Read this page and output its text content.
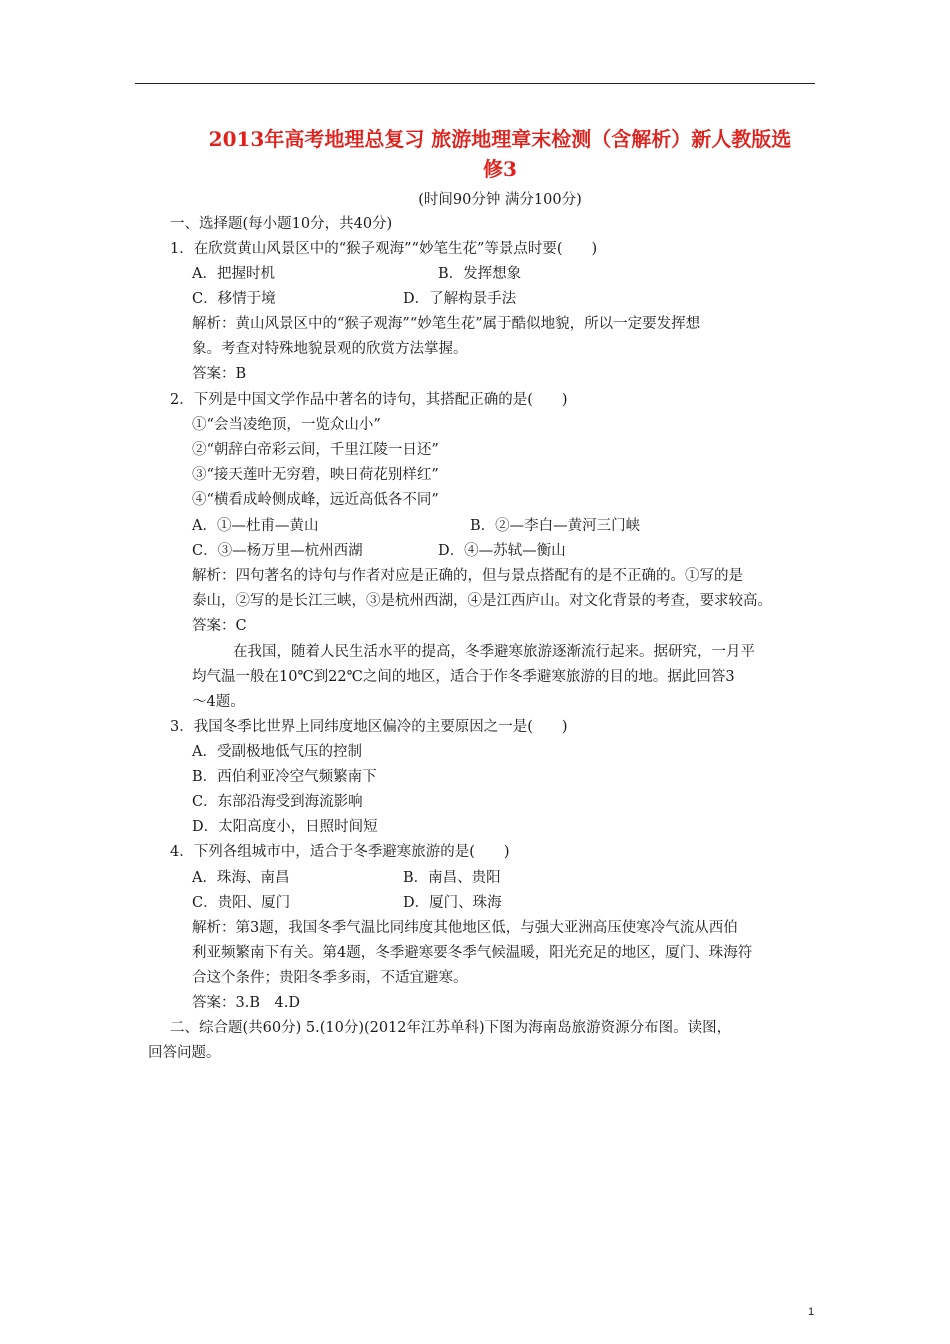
2013年高考地理总复习 旅游地理章末检测（含解析）新人教版选
修3
(时间90分钟 满分100分)
一、选择题(每小题10分，共40分)
1．在欣赏黄山风景区中的“猴子观海”“妙笔生花”等景点时要(　　)
A．把握时机	B．发挥想象
C．移情于境	D．了解构景手法
解析：黄山风景区中的“猴子观海”“妙笔生花”属于酷似地貌，所以一定要发挥想
象。考查对特殊地貌景观的欣赏方法掌握。
答案：B
2．下列是中国文学作品中著名的诗句，其搭配正确的是(　　)
①“会当凌绝顶，一览众山小”
②“朝辞白帝彩云间，千里江陵一日还”
③“接天莲叶无穷碧，映日荷花别样红”
④“横看成岭侧成峰，远近高低各不同”
A．①—杜甫—黄山	B．②—李白—黄河三门峡
C．③—杨万里—杭州西湖	D．④—苏轼—衡山
解析：四句著名的诗句与作者对应是正确的，但与景点搭配有的是不正确的。①写的是
泰山，②写的是长江三峡，③是杭州西湖，④是江西庐山。对文化背景的考查，要求较高。
答案：C
在我国，随着人民生活水平的提高，冬季避寒旅游逐渐流行起来。据研究，一月平
均气温一般在10℃到22℃之间的地区，适合于作冬季避寒旅游的目的地。据此回答3
～4题。
3．我国冬季比世界上同纬度地区偏冷的主要原因之一是(　　)
A．受副极地低气压的控制
B．西伯利亚冷空气频繁南下
C．东部沿海受到海流影响
D．太阳高度小，日照时间短
4．下列各组城市中，适合于冬季避寒旅游的是(　　)
A．珠海、南昌	B．南昌、贵阳
C．贵阳、厦门	D．厦门、珠海
解析：第3题，我国冬季气温比同纬度其他地区低，与强大亚洲高压使寒冷气流从西伯
利亚频繁南下有关。第4题，冬季避寒要冬季气候温暖，阳光充足的地区，厦门、珠海符
合这个条件；贵阳冬季多雨，不适宜避寒。
答案：3.B　4.D
二、综合题(共60分) 5.(10分)(2012年江苏单科)下图为海南岛旅游资源分布图。读图，
回答问题。
1
